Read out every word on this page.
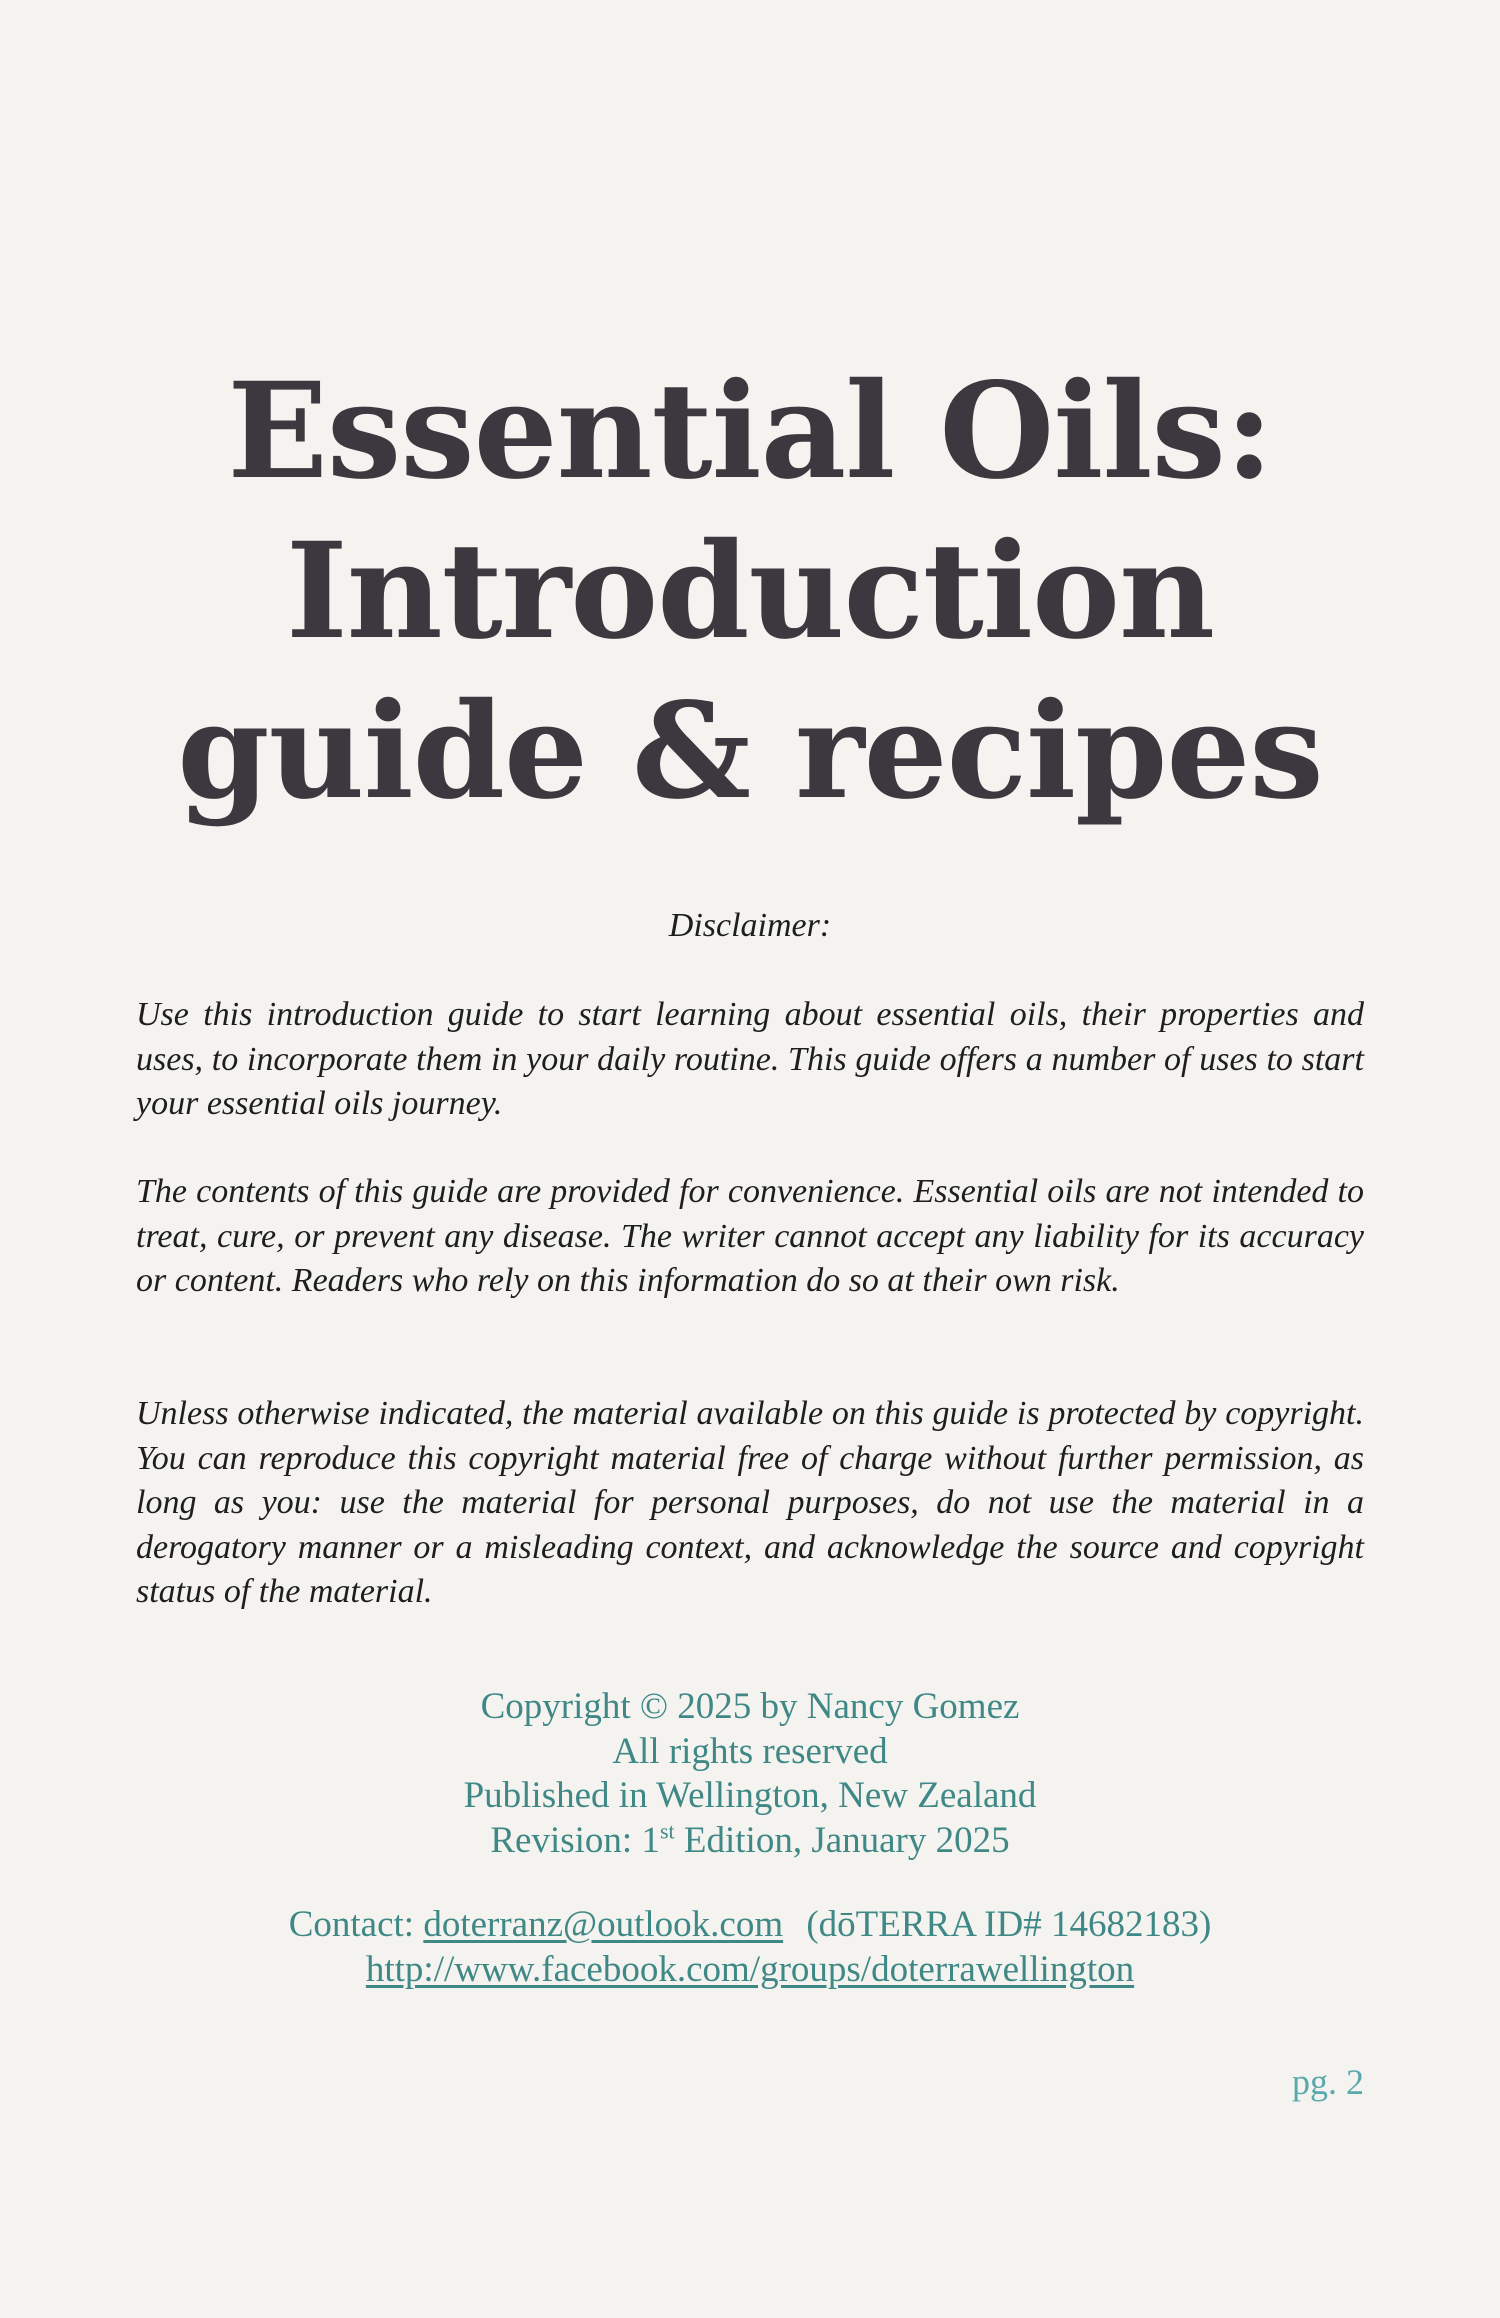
Essential Oils:
Introduction
guide & recipes

Disclaimer:

Use this introduction guide to start learning about essential oils, their properties and uses, to incorporate them in your daily routine. This guide offers a number of uses to start your essential oils journey.

The contents of this guide are provided for convenience. Essential oils are not intended to treat, cure, or prevent any disease. The writer cannot accept any liability for its accuracy or content. Readers who rely on this information do so at their own risk.

Unless otherwise indicated, the material available on this guide is protected by copyright. You can reproduce this copyright material free of charge without further permission, as long as you: use the material for personal purposes, do not use the material in a derogatory manner or a misleading context, and acknowledge the source and copyright status of the material.

Copyright © 2025 by Nancy Gomez
All rights reserved
Published in Wellington, New Zealand
Revision: 1st Edition, January 2025
Contact: doterranz@outlook.com (dōTERRA ID# 14682183)
http://www.facebook.com/groups/doterrawellington
pg. 2
